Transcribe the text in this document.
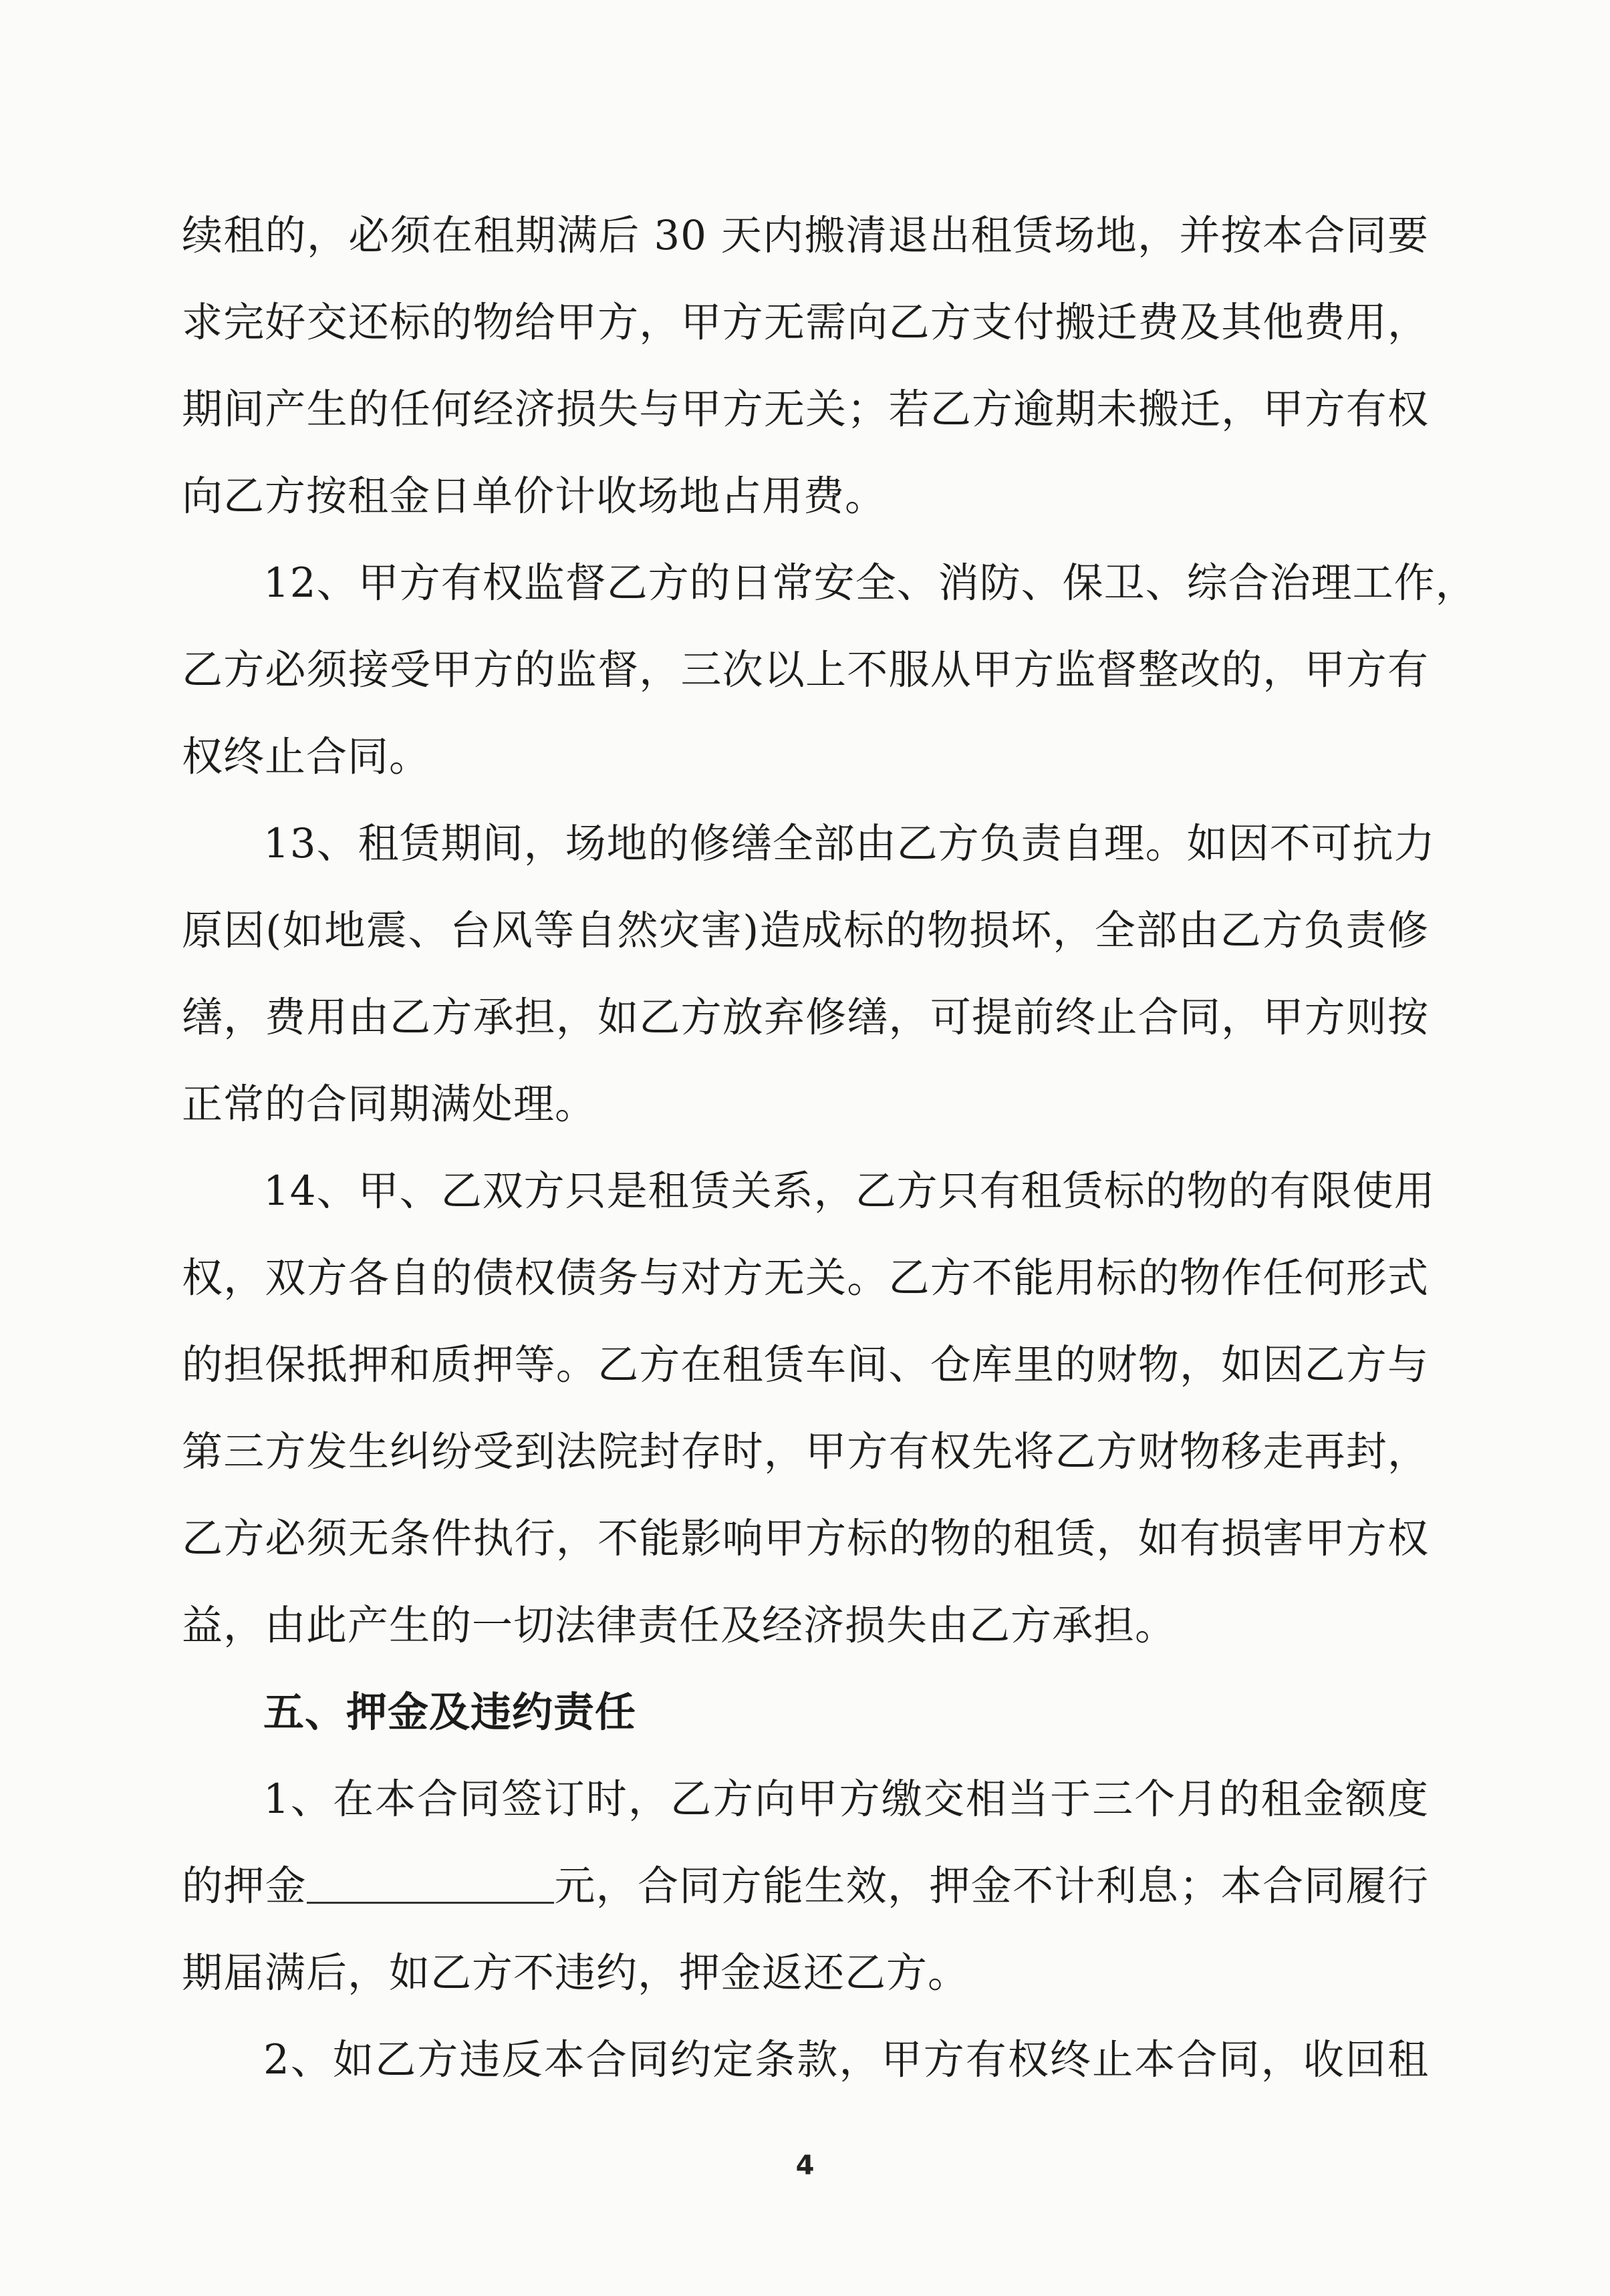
续租的，必须在租期满后 30 天内搬清退出租赁场地，并按本合同要
求完好交还标的物给甲方，甲方无需向乙方支付搬迁费及其他费用，
期间产生的任何经济损失与甲方无关；若乙方逾期未搬迁，甲方有权
向乙方按租金日单价计收场地占用费。
12、甲方有权监督乙方的日常安全、消防、保卫、综合治理工作，
乙方必须接受甲方的监督，三次以上不服从甲方监督整改的，甲方有
权终止合同。
13、租赁期间，场地的修缮全部由乙方负责自理。如因不可抗力
原因(如地震、台风等自然灾害)造成标的物损坏，全部由乙方负责修
缮，费用由乙方承担，如乙方放弃修缮，可提前终止合同，甲方则按
正常的合同期满处理。
14、甲、乙双方只是租赁关系，乙方只有租赁标的物的有限使用
权，双方各自的债权债务与对方无关。乙方不能用标的物作任何形式
的担保抵押和质押等。乙方在租赁车间、仓库里的财物，如因乙方与
第三方发生纠纷受到法院封存时，甲方有权先将乙方财物移走再封，
乙方必须无条件执行，不能影响甲方标的物的租赁，如有损害甲方权
益，由此产生的一切法律责任及经济损失由乙方承担。
五、押金及违约责任
1、在本合同签订时，乙方向甲方缴交相当于三个月的租金额度
的押金	元，合同方能生效，押金不计利息；本合同履行
期届满后，如乙方不违约，押金返还乙方。
2、如乙方违反本合同约定条款，甲方有权终止本合同，收回租
4
